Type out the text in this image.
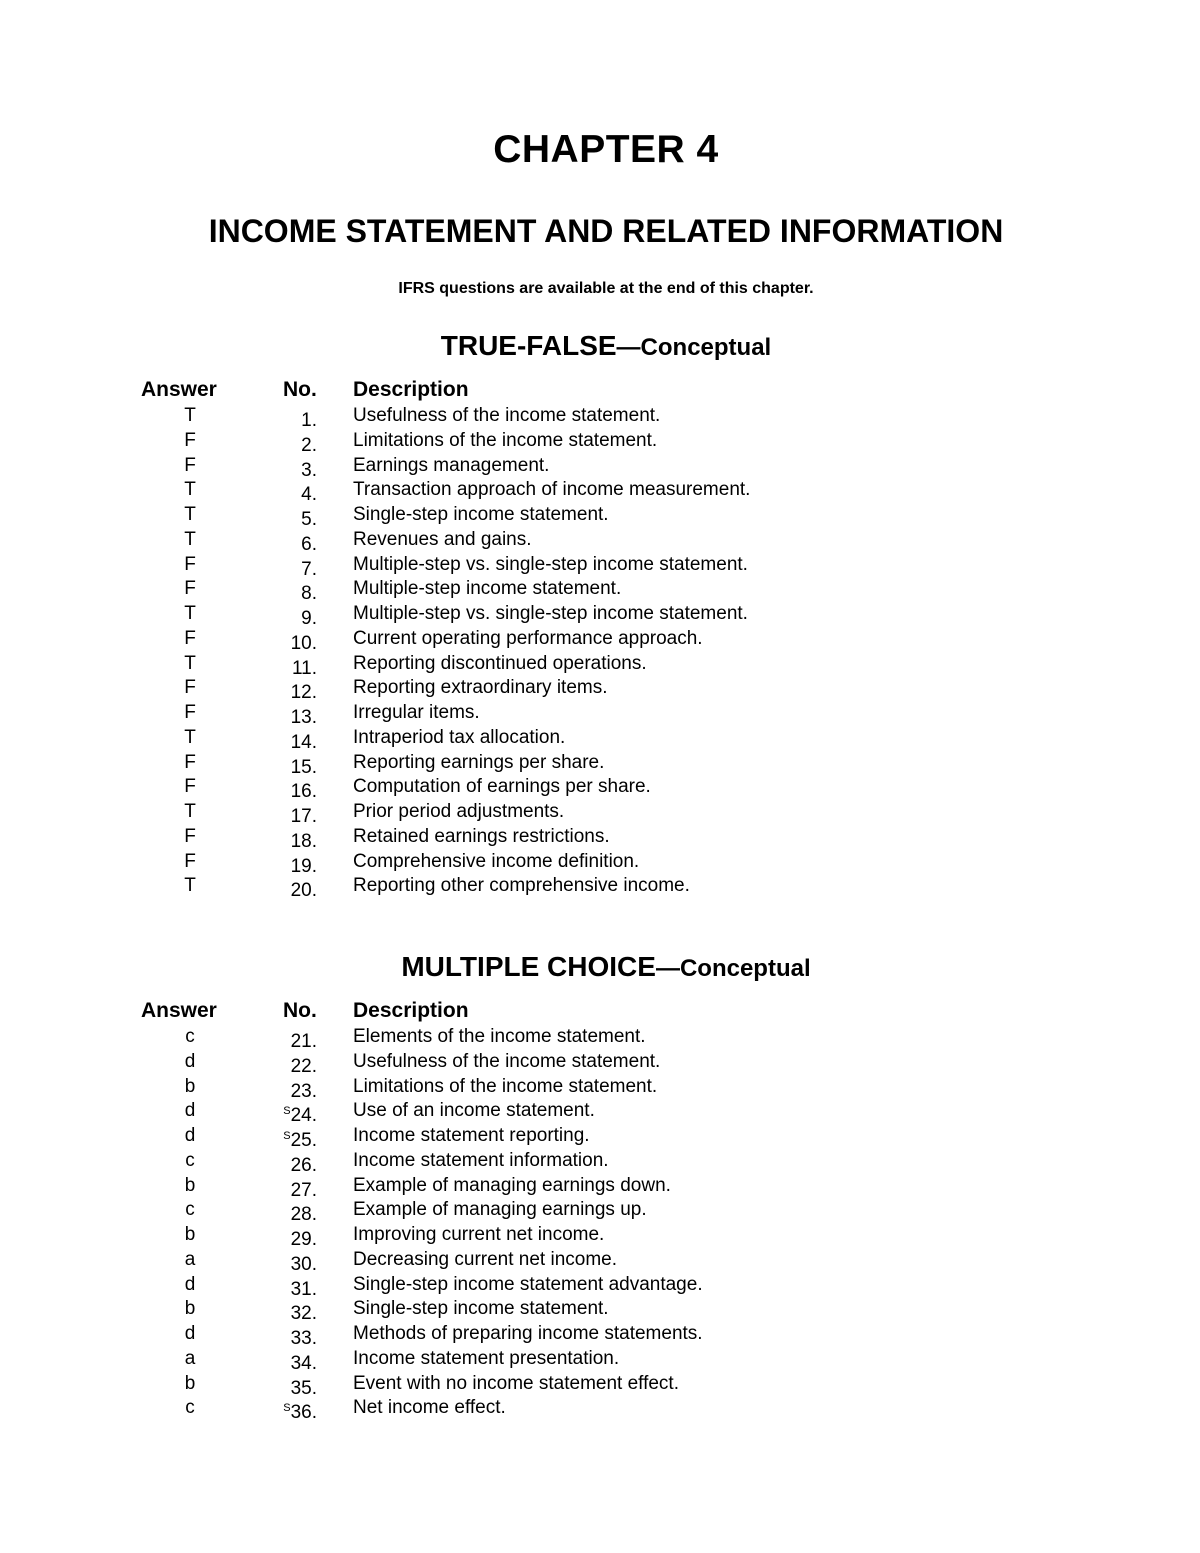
CHAPTER 4
INCOME STATEMENT AND RELATED INFORMATION
IFRS questions are available at the end of this chapter.
TRUE-FALSE—Conceptual
Answer	No. Description
T	1. Usefulness of the income statement.
F	2. Limitations of the income statement.
F	3. Earnings management.
T	4. Transaction approach of income measurement.
T	5. Single-step income statement.
T	6. Revenues and gains.
F	7. Multiple-step vs. single-step income statement.
F	8. Multiple-step income statement.
T	9. Multiple-step vs. single-step income statement.
F	10. Current operating performance approach.
T	11. Reporting discontinued operations.
F	12. Reporting extraordinary items.
F	13. Irregular items.
T	14. Intraperiod tax allocation.
F	15. Reporting earnings per share.
F	16. Computation of earnings per share.
T	17. Prior period adjustments.
F	18. Retained earnings restrictions.
F	19. Comprehensive income definition.
T	20. Reporting other comprehensive income.
MULTIPLE CHOICE—Conceptual
Answer	No. Description
c	21. Elements of the income statement.
d	22. Usefulness of the income statement.
b	23. Limitations of the income statement.
d	$^S$24. Use of an income statement.
d	$^S$25. Income statement reporting.
c	26. Income statement information.
b	27. Example of managing earnings down.
c	28. Example of managing earnings up.
b	29. Improving current net income.
a	30. Decreasing current net income.
d	31. Single-step income statement advantage.
b	32. Single-step income statement.
d	33. Methods of preparing income statements.
a	34. Income statement presentation.
b	35. Event with no income statement effect.
c	$^S$36. Net income effect.
